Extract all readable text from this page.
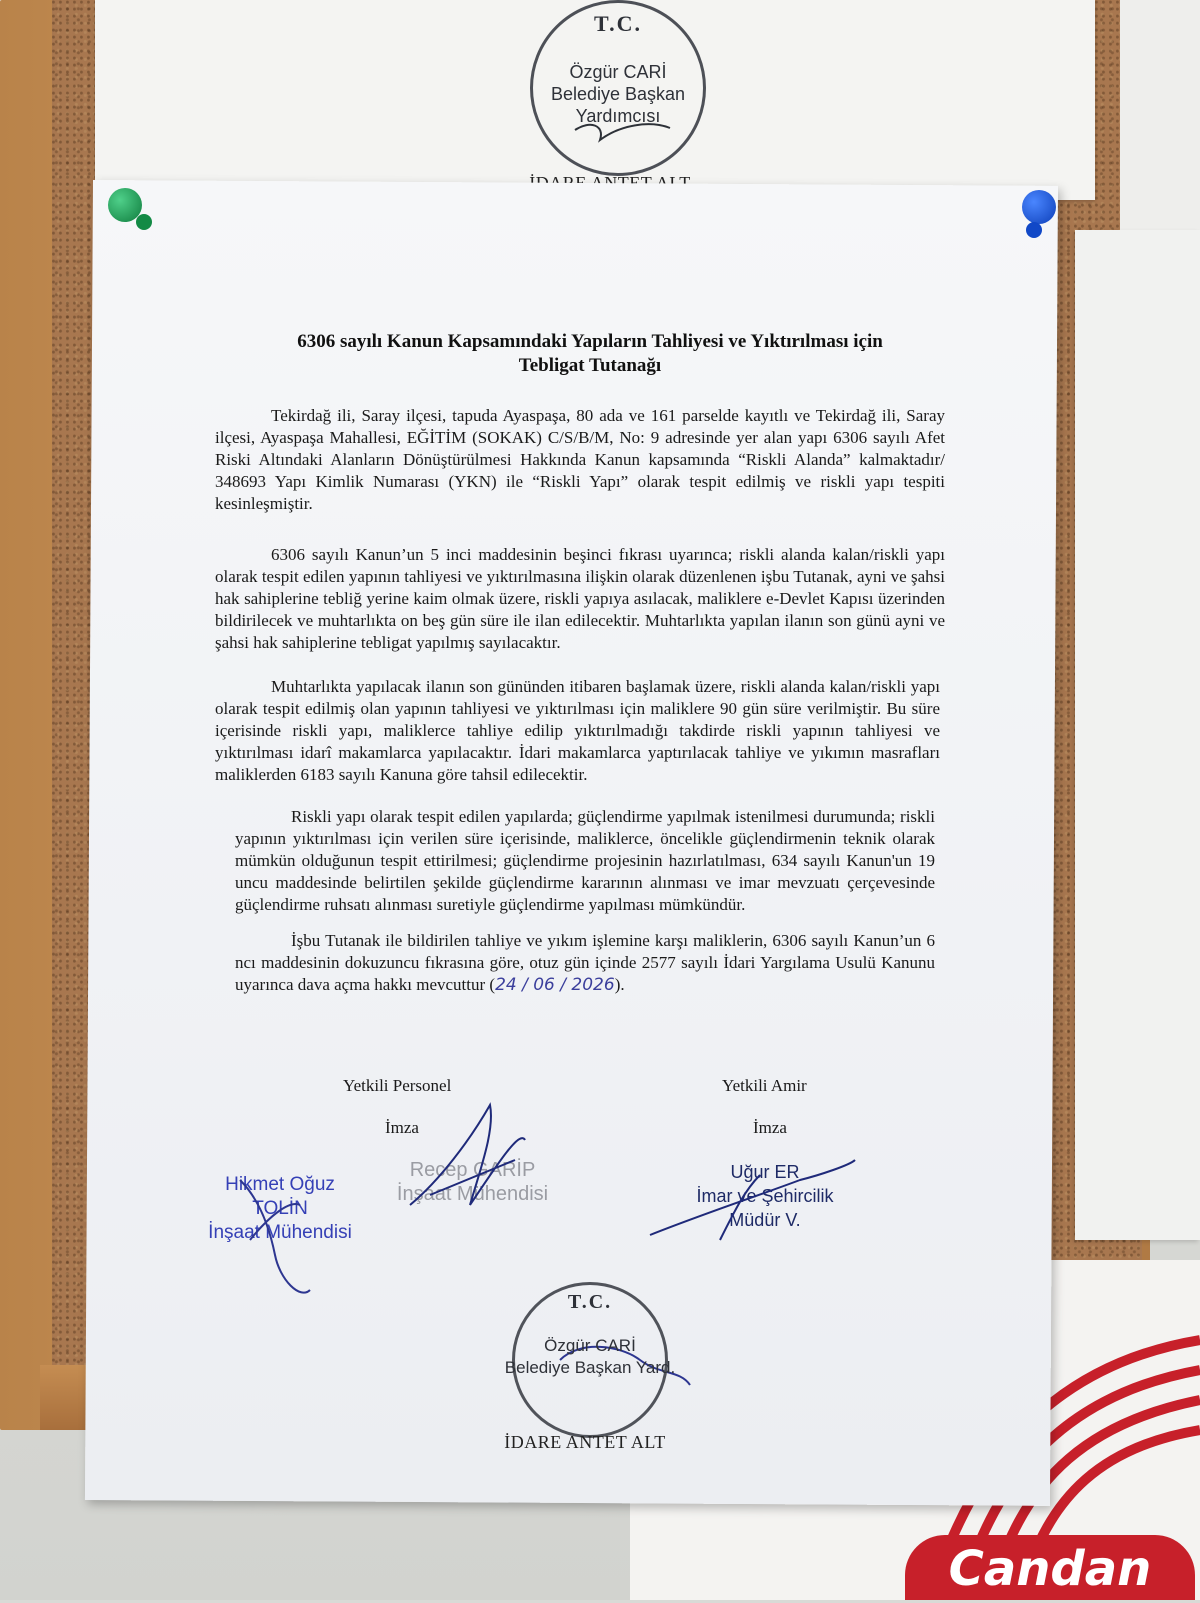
T.C.
Özgür CARİ
Belediye Başkan Yardımcısı
Candan
6306 sayılı Kanun Kapsamındaki Yapıların Tahliyesi ve Yıktırılması için
Tebligat Tutanağı
Tekirdağ ili, Saray ilçesi, tapuda Ayaspaşa, 80 ada ve 161 parselde kayıtlı ve Tekirdağ ili, Saray ilçesi, Ayaspaşa Mahallesi, EĞİTİM (SOKAK) C/S/B/M, No: 9 adresinde yer alan yapı 6306 sayılı Afet Riski Altındaki Alanların Dönüştürülmesi Hakkında Kanun kapsamında “Riskli Alanda” kalmaktadır/ 348693 Yapı Kimlik Numarası (YKN) ile “Riskli Yapı” olarak tespit edilmiş ve riskli yapı tespiti kesinleşmiştir.
6306 sayılı Kanun’un 5 inci maddesinin beşinci fıkrası uyarınca; riskli alanda kalan/riskli yapı olarak tespit edilen yapının tahliyesi ve yıktırılmasına ilişkin olarak düzenlenen işbu Tutanak, ayni ve şahsi hak sahiplerine tebliğ yerine kaim olmak üzere, riskli yapıya asılacak, maliklere e-Devlet Kapısı üzerinden bildirilecek ve muhtarlıkta on beş gün süre ile ilan edilecektir. Muhtarlıkta yapılan ilanın son günü ayni ve şahsi hak sahiplerine tebligat yapılmış sayılacaktır.
Muhtarlıkta yapılacak ilanın son gününden itibaren başlamak üzere, riskli alanda kalan/riskli yapı olarak tespit edilmiş olan yapının tahliyesi ve yıktırılması için maliklere 90 gün süre verilmiştir. Bu süre içerisinde riskli yapı, maliklerce tahliye edilip yıktırılmadığı takdirde riskli yapının tahliyesi ve yıktırılması idarî makamlarca yapılacaktır. İdari makamlarca yaptırılacak tahliye ve yıkımın masrafları maliklerden 6183 sayılı Kanuna göre tahsil edilecektir.
Riskli yapı olarak tespit edilen yapılarda; güçlendirme yapılmak istenilmesi durumunda; riskli yapının yıktırılması için verilen süre içerisinde, maliklerce, öncelikle güçlendirmenin teknik olarak mümkün olduğunun tespit ettirilmesi; güçlendirme projesinin hazırlatılması, 634 sayılı Kanun'un 19 uncu maddesinde belirtilen şekilde güçlendirme kararının alınması ve imar mevzuatı çerçevesinde güçlendirme ruhsatı alınması suretiyle güçlendirme yapılması mümkündür.
İşbu Tutanak ile bildirilen tahliye ve yıkım işlemine karşı maliklerin, 6306 sayılı Kanun’un 6 ncı maddesinin dokuzuncu fıkrasına göre, otuz gün içinde 2577 sayılı İdari Yargılama Usulü Kanunu uyarınca dava açma hakkı mevcuttur (24 / 06 / 2026).
Yetkili Personel
İmza
Yetkili Amir
İmza
Hikmet Oğuz TOLİN
İnşaat Mühendisi
Recep GARİP
İnşaat Mühendisi
Uğur ER
İmar ve Şehircilik Müdür V.
T.C.
Özgür CARİ
Belediye Başkan Yard.
İDARE ANTET ALT
